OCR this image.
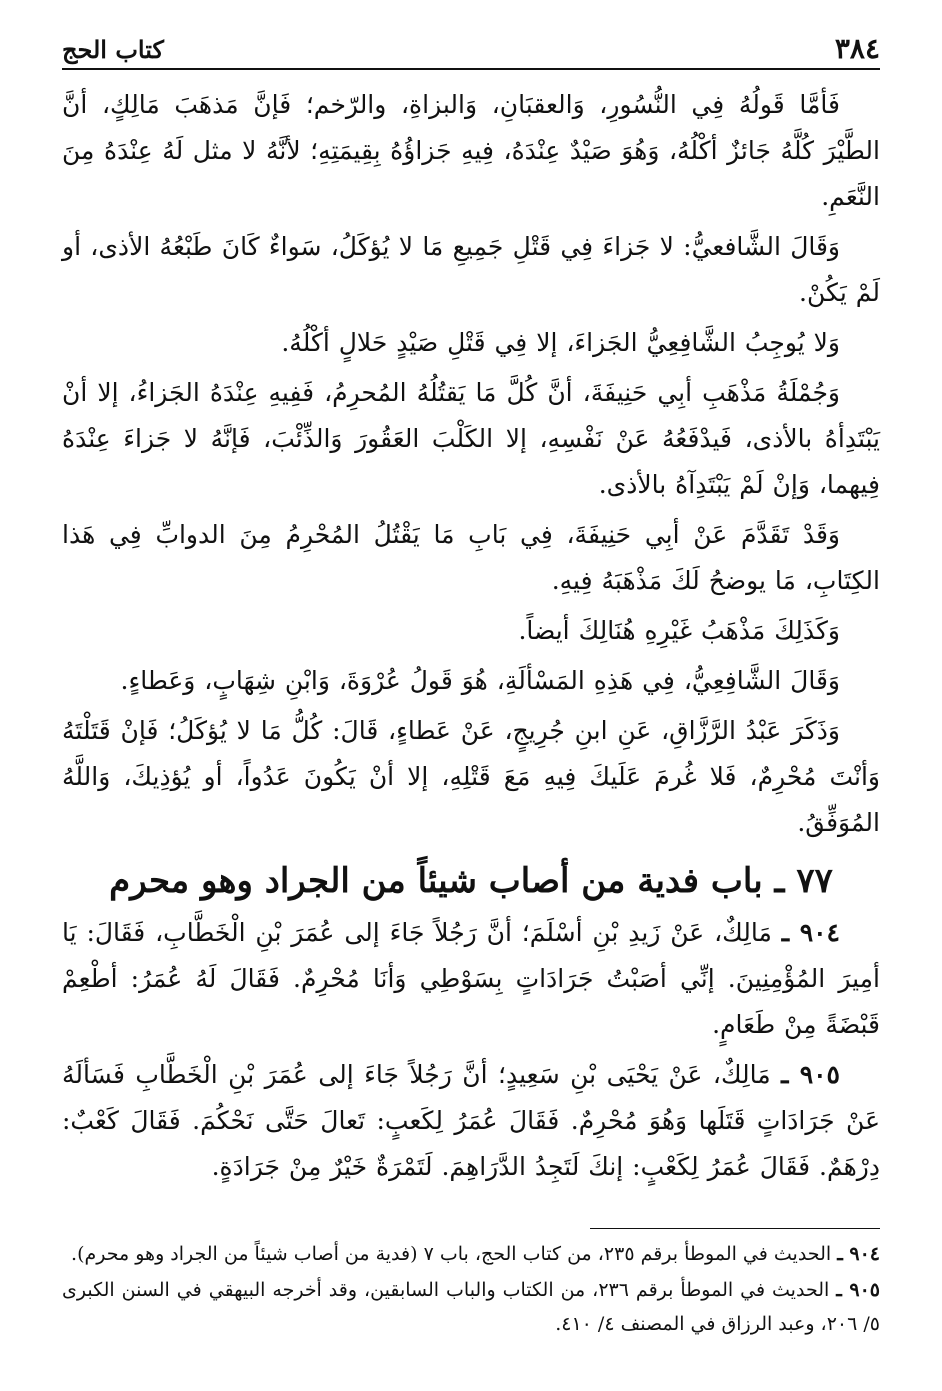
٣٨٤
كتاب الحج

فَأمَّا قَولُهُ فِي النُّسُورِ، وَالعقبَانِ، وَالبزاةِ، والرّخم؛ فَإنَّ مَذهَبَ مَالِكٍ، أنَّ الطَّيْرَ كُلَّهُ جَائزٌ أكْلُهُ، وَهُوَ صَيْدٌ عِنْدَهُ، فِيهِ جَزاؤُهُ بِقِيمَتِهِ؛ لأنَّهُ لا مثل لَهُ عِنْدَهُ مِنَ النَّعَمِ.

وَقَالَ الشَّافعيُّ: لا جَزاءَ فِي قَتْلِ جَمِيعِ مَا لا يُؤكَلُ، سَواءٌ كَانَ طَبْعُهُ الأذى، أو لَمْ يَكُنْ.

وَلا يُوجِبُ الشَّافِعِيُّ الجَزاءَ، إلا فِي قَتْلِ صَيْدٍ حَلالٍ أكْلُهُ.

وَجُمْلَةُ مَذْهَبِ أبِي حَنِيفَةَ، أنَّ كُلَّ مَا يَقتُلُهُ المُحرِمُ، فَفِيهِ عِنْدَهُ الجَزاءُ، إلا أنْ يَبْتَدِأهُ بالأذى، فَيدْفَعُهُ عَنْ نَفْسِهِ، إلا الكَلْبَ العَقُورَ وَالذِّئْبَ، فَإنَّهُ لا جَزاءَ عِنْدَهُ فِيهما، وَإنْ لَمْ يَبْتَدِآهُ بالأذى.

وَقَدْ تَقَدَّمَ عَنْ أبِي حَنِيفَةَ، فِي بَابِ مَا يَقْتُلُ المُحْرِمُ مِنَ الدوابِّ فِي هَذا الكِتَابِ، مَا يوضحُ لَكَ مَذْهَبَهُ فِيهِ.

وَكَذَلِكَ مَذْهَبُ غَيْرِهِ هُنَالِكَ أيضاً.

وَقَالَ الشَّافِعِيُّ، فِي هَذِهِ المَسْألَةِ، هُوَ قَولُ عُرْوَةَ، وَابْنِ شِهَابٍ، وَعَطاءٍ.

وَذَكَرَ عَبْدُ الرَّزَّاقِ، عَنِ ابنِ جُرِيجٍ، عَنْ عَطاءٍ، قَالَ: كُلُّ مَا لا يُؤكَلُ؛ فَإنْ قَتَلْتَهُ وَأنْتَ مُحْرِمٌ، فَلا غُرمَ عَلَيكَ فِيهِ مَعَ قَتْلِهِ، إلا أنْ يَكُونَ عَدُواً، أو يُؤذِيكَ، وَاللَّهُ المُوَفِّقُ.

٧٧ ـ باب فدية من أصاب شيئاً من الجراد وهو محرم

٩٠٤ ـ مَالِكٌ، عَنْ زَيدِ بْنِ أسْلَمَ؛ أنَّ رَجُلاً جَاءَ إلى عُمَرَ بْنِ الْخَطَّابِ، فَقَالَ: يَا أمِيرَ المُؤْمِنِينَ. إنِّي أصَبْتُ جَرَادَاتٍ بِسَوْطِي وَأنَا مُحْرِمٌ. فَقَالَ لَهُ عُمَرُ: أطْعِمْ قَبْضَةً مِنْ طَعَامٍ.

٩٠٥ ـ مَالِكٌ، عَنْ يَحْيَى بْنِ سَعِيدٍ؛ أنَّ رَجُلاً جَاءَ إلى عُمَرَ بْنِ الْخَطَّابِ فَسَألَهُ عَنْ جَرَادَاتٍ قَتَلَها وَهُوَ مُحْرِمٌ. فَقَالَ عُمَرُ لِكَعبٍ: تَعالَ حَتَّى نَحْكُمَ. فَقَالَ كَعْبٌ: دِرْهَمٌ. فَقَالَ عُمَرُ لِكَعْبٍ: إنكَ لَتَجِدُ الدَّرَاهِمَ. لَتَمْرَةٌ خَيْرٌ مِنْ جَرَادَةٍ.

٩٠٤ ـ الحديث في الموطأ برقم ٢٣٥، من كتاب الحج، باب ٧ (فدية من أصاب شيئاً من الجراد وهو محرم).

٩٠٥ ـ الحديث في الموطأ برقم ٢٣٦، من الكتاب والباب السابقين، وقد أخرجه البيهقي في السنن الكبرى ٥/ ٢٠٦، وعبد الرزاق في المصنف ٤/ ٤١٠.
